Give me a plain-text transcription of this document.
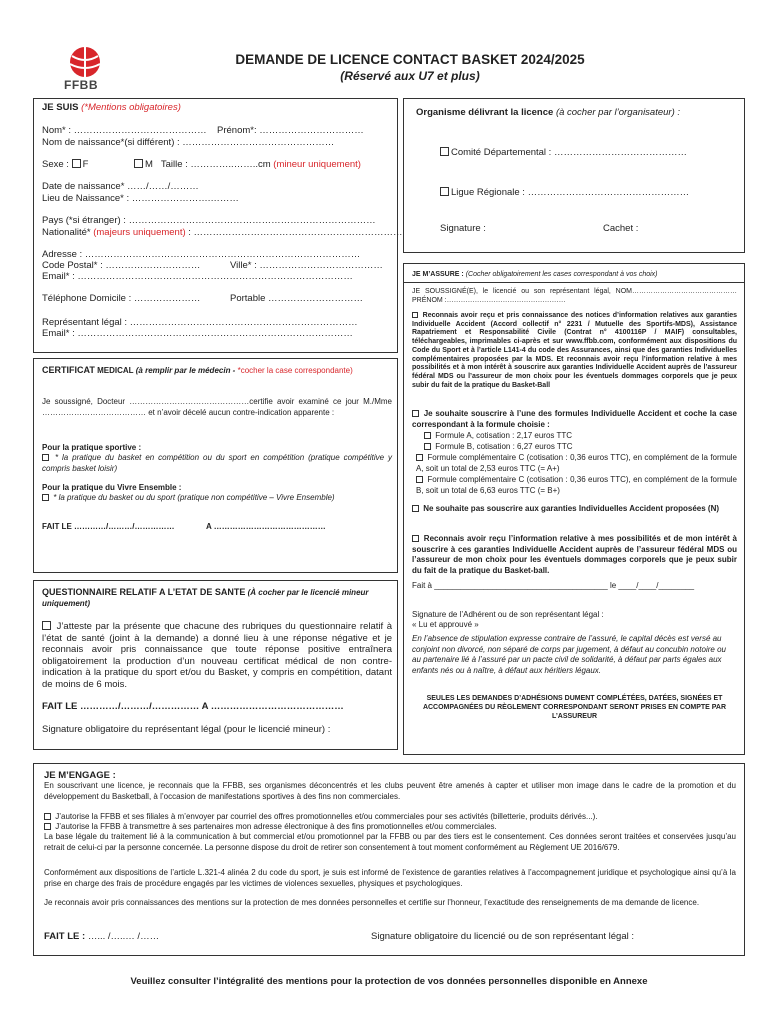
FFBB
DEMANDE DE LICENCE CONTACT BASKET 2024/2025
(Réservé aux U7 et plus)
JE SUIS (*Mentions obligatoires)
Nom* : …………………………………… Prénom*: ……………………………
Nom de naissance*(si différent) : …………………………………………
Sexe : F	M Taille : …………..……..cm (mineur uniquement)
Date de naissance* ……/……/………
Lieu de Naissance* : …………………….………
Pays (*si étranger) : ……………………………………………………………………
Nationalité* (majeurs uniquement) : …………………………………………………………
Adresse : ……………………………………………………………………………
Code Postal* : …………………………	Ville* : …………………………………
Email* : ……………………………………………………………………………
Téléphone Domicile : …………………	Portable …………………………
Représentant légal : ………………………………………………………………
Email* : ……………………………………………………………………………
Organisme délivrant la licence (à cocher par l’organisateur) :
Comité Départemental : ……………………………………
Ligue Régionale : ……………………………………………
Signature :	Cachet :
JE M’ASSURE : (Cocher obligatoirement les cases correspondant à vos choix)
JE SOUSSIGNÉ(E), le licencié ou son représentant légal, NOM……………………………………… PRÉNOM :……………………………………………
Reconnais avoir reçu et pris connaissance des notices d’information relatives aux garanties Individuelle Accident (Accord collectif n° 2231 / Mutuelle des Sportifs-MDS), Assistance Rapatriement et Responsabilité Civile (Contrat n° 4100116P / MAIF) consultables, téléchargeables, imprimables ci-après et sur www.ffbb.com, conformément aux dispositions du Code du Sport et à l’article L141-4 du code des Assurances, ainsi que des garanties Individuelles complémentaires proposées par la MDS. Et reconnais avoir reçu l’information relative à mes possibilités et à mon intérêt à souscrire aux garanties Individuelle Accident auprès de l’assureur fédéral MDS ou l’assureur de mon choix pour les éventuels dommages corporels que je peux subir du fait de la pratique du Basket-Ball
Je souhaite souscrire à l’une des formules Individuelle Accident et coche la case correspondant à la formule choisie :
Formule A, cotisation : 2,17 euros TTC
Formule B, cotisation : 6,27 euros TTC
Formule complémentaire C (cotisation : 0,36 euros TTC), en complément de la formule A, soit un total de 2,53 euros TTC (= A+)
Formule complémentaire C (cotisation : 0,36 euros TTC), en complément de la formule B, soit un total de 6,63 euros TTC (= B+)
Ne souhaite pas souscrire aux garanties Individuelles Accident proposées (N)
Reconnais avoir reçu l’information relative à mes possibilités et de mon intérêt à souscrire à ces garanties Individuelle Accident auprès de l’assureur fédéral MDS ou l’assureur de mon choix pour les éventuels dommages corporels que je peux subir du fait de la pratique du Basket-ball.
Fait à _______________________________________ le ____/____/________
Signature de l’Adhérent ou de son représentant légal :
« Lu et approuvé »
En l’absence de stipulation expresse contraire de l’assuré, le capital décès est versé au conjoint non divorcé, non séparé de corps par jugement, à défaut au concubin notoire ou au partenaire lié à l’assuré par un pacte civil de solidarité, à défaut par parts égales aux enfants nés ou à naître, à défaut aux héritiers légaux.
SEULES LES DEMANDES D’ADHÉSIONS DUMENT COMPLÉTÉES, DATÉES, SIGNÉES ET ACCOMPAGNÉES DU RÈGLEMENT CORRESPONDANT SERONT PRISES EN COMPTE PAR L’ASSUREUR
CERTIFICAT MEDICAL (à remplir par le médecin - *cocher la case correspondante)
Je soussigné, Docteur ………………………………………certifie avoir examiné ce jour M./Mme ………………………………… et n’avoir décelé aucun contre-indication apparente :
Pour la pratique sportive :
* la pratique du basket en compétition ou du sport en compétition (pratique compétitive y compris basket loisir)
Pour la pratique du Vivre Ensemble :
* la pratique du basket ou du sport (pratique non compétitive – Vivre Ensemble)
FAIT LE …………/………/……………	A ……………………………………
QUESTIONNAIRE RELATIF A L’ETAT DE SANTE (À cocher par le licencié mineur uniquement)
J’atteste par la présente que chacune des rubriques du questionnaire relatif à l’état de santé (joint à la demande) a donné lieu à une réponse négative et je reconnais avoir pris connaissance que toute réponse positive entraînera obligatoirement la production d’un nouveau certificat médical de non contre-indication à la pratique du sport et/ou du Basket, y compris en compétition, datant de moins de 6 mois.
FAIT LE …………/………/…………… A ……………………………………
Signature obligatoire du représentant légal (pour le licencié mineur) :
JE M’ENGAGE :
En souscrivant une licence, je reconnais que la FFBB, ses organismes déconcentrés et les clubs peuvent être amenés à capter et utiliser mon image dans le cadre de la promotion et du développement du Basketball, à l’occasion de manifestations sportives à des fins non commerciales.
J’autorise la FFBB et ses filiales à m’envoyer par courriel des offres promotionnelles et/ou commerciales pour ses activités (billetterie, produits dérivés...).
J’autorise la FFBB à transmettre à ses partenaires mon adresse électronique à des fins promotionnelles et/ou commerciales.
La base légale du traitement lié à la communication à but commercial et/ou promotionnel par la FFBB ou par des tiers est le consentement. Ces données seront traitées et conservées jusqu’au retrait de celui-ci par la personne concernée. La personne dispose du droit de retirer son consentement à tout moment conformément au Règlement UE 2016/679.
Conformément aux dispositions de l’article L.321-4 alinéa 2 du code du sport, je suis est informé de l’existence de garanties relatives à l’accompagnement juridique et psychologique ainsi qu’à la prise en charge des frais de procédure engagés par les victimes de violences sexuelles, physiques et psychologiques.
Je reconnais avoir pris connaissances des mentions sur la protection de mes données personnelles et certifie sur l’honneur, l’exactitude des renseignements de ma demande de licence.
FAIT LE : …... /…..… /……	Signature obligatoire du licencié ou de son représentant légal :
Veuillez consulter l’intégralité des mentions pour la protection de vos données personnelles disponible en Annexe
